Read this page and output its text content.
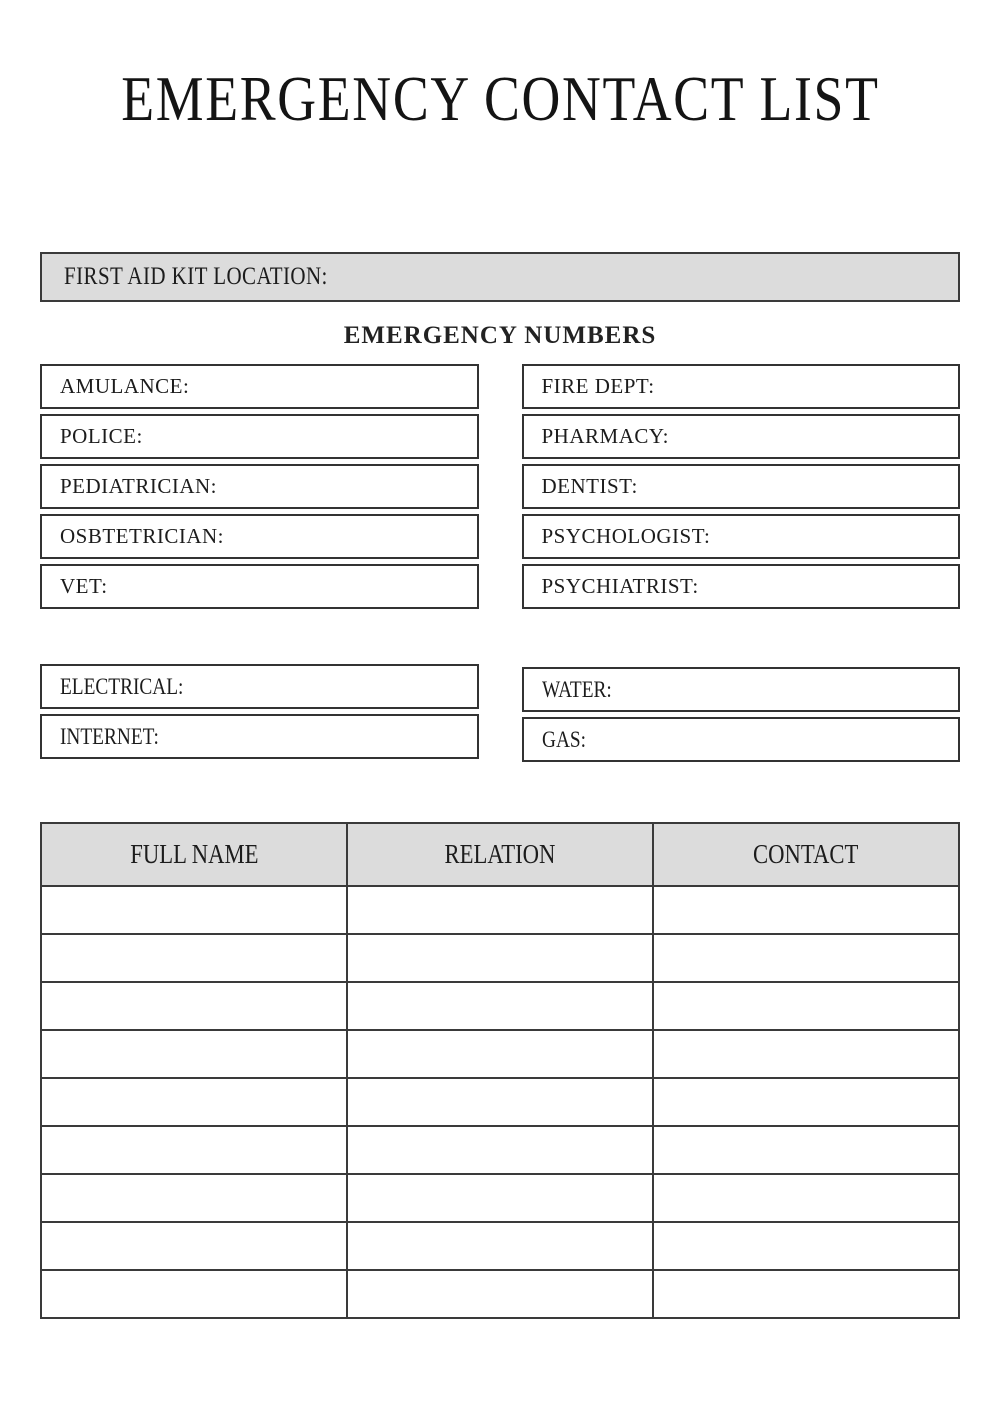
EMERGENCY CONTACT LIST
FIRST AID KIT LOCATION:
EMERGENCY NUMBERS
AMULANCE:
POLICE:
PEDIATRICIAN:
OSBTETRICIAN:
VET:
FIRE DEPT:
PHARMACY:
DENTIST:
PSYCHOLOGIST:
PSYCHIATRIST:
ELECTRICAL:
INTERNET:
WATER:
GAS:
FULL NAME	RELATION	CONTACT
